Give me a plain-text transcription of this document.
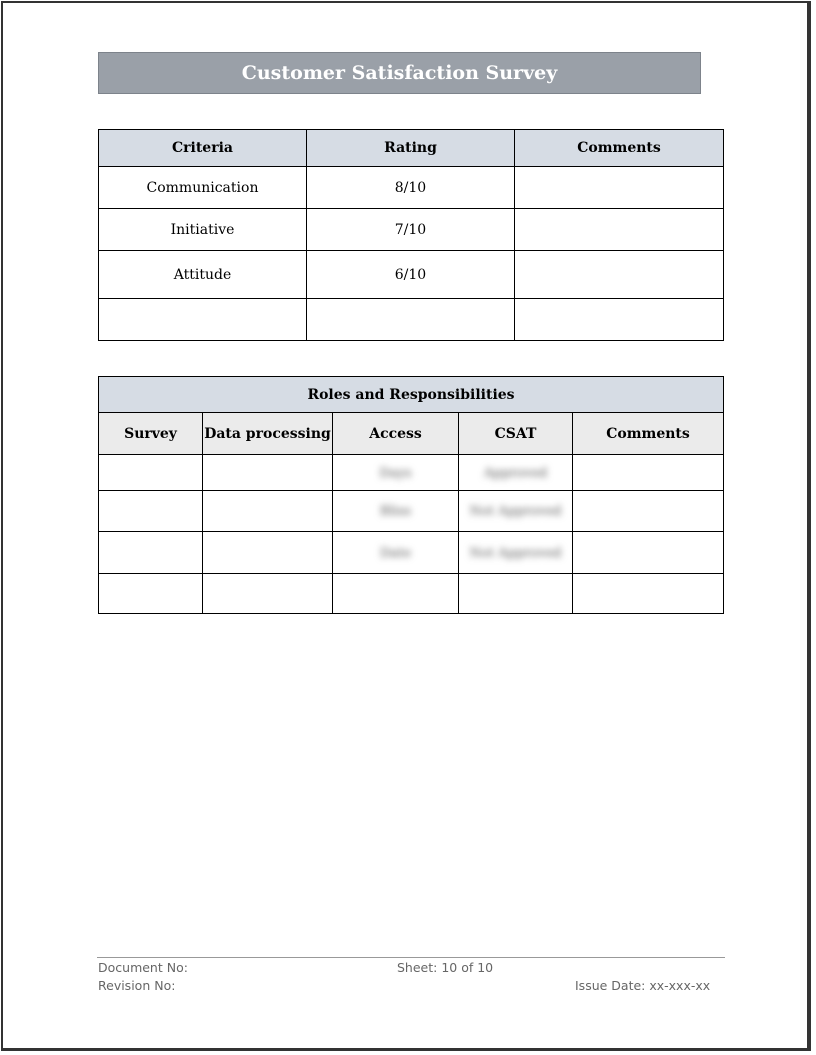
Customer Satisfaction Survey
Criteria	Rating	Comments
Communication	8/10	
Initiative	7/10	
Attitude	6/10	

Roles and Responsibilities				
Survey	Data processing	Access	CSAT	Comments
		Days	Approved	
		Bliss	Not Approved	
		Date	Not Approved	

Document No:
Revision No:
Sheet: 10 of 10
Issue Date: xx-xxx-xx
